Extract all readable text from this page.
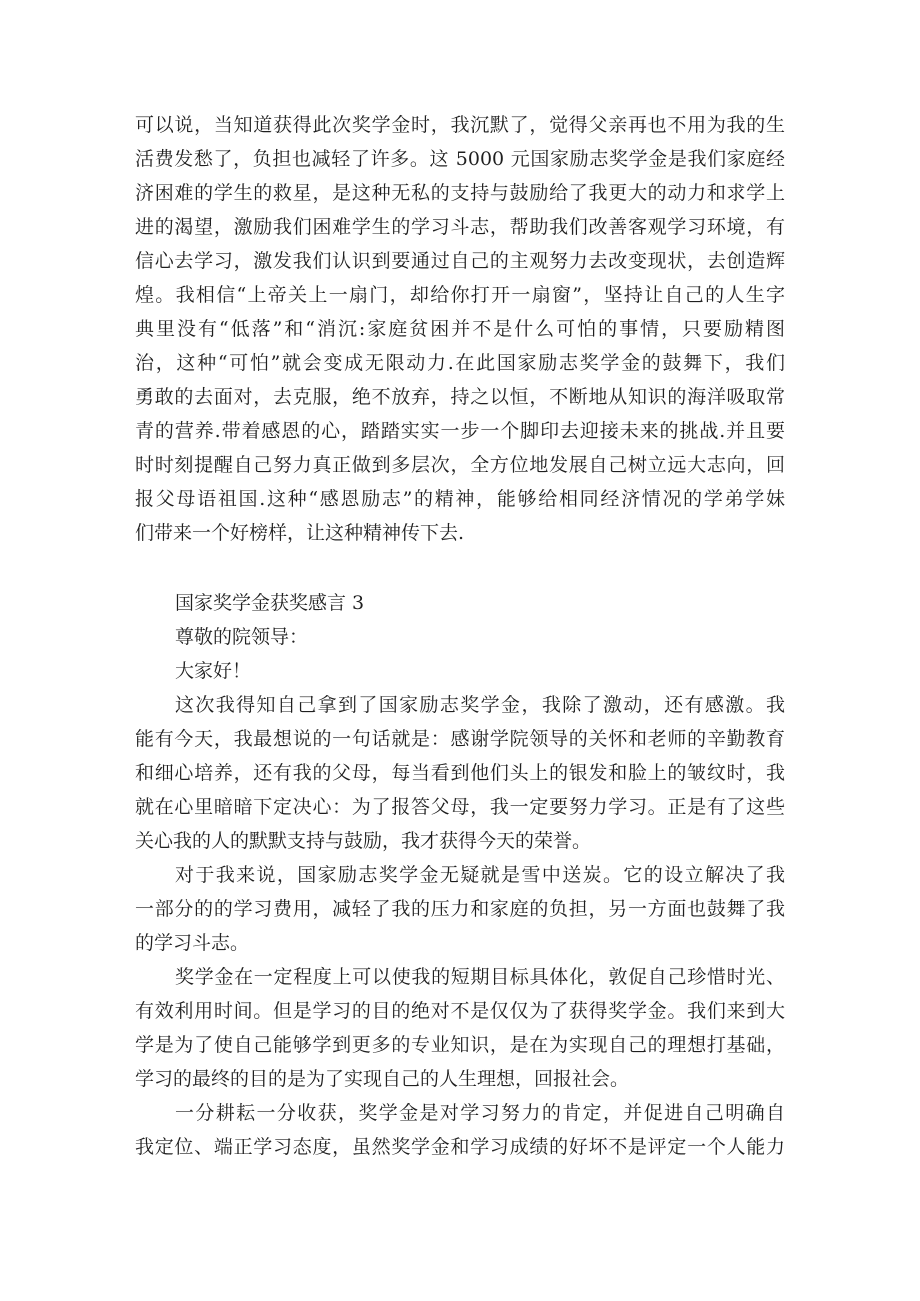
可以说，当知道获得此次奖学金时，我沉默了，觉得父亲再也不用为我的生

活费发愁了，负担也减轻了许多。这 5000 元国家励志奖学金是我们家庭经

济困难的学生的救星，是这种无私的支持与鼓励给了我更大的动力和求学上

进的渴望，激励我们困难学生的学习斗志，帮助我们改善客观学习环境，有

信心去学习，激发我们认识到要通过自己的主观努力去改变现状，去创造辉

煌。我相信“上帝关上一扇门，却给你打开一扇窗”，坚持让自己的人生字

典里没有“低落”和“消沉:家庭贫困并不是什么可怕的事情，只要励精图

治，这种“可怕”就会变成无限动力.在此国家励志奖学金的鼓舞下，我们

勇敢的去面对，去克服，绝不放弃，持之以恒，不断地从知识的海洋吸取常

青的营养.带着感恩的心，踏踏实实一步一个脚印去迎接未来的挑战.并且要

时时刻提醒自己努力真正做到多层次，全方位地发展自己树立远大志向，回

报父母语祖国.这种“感恩励志”的精神，能够给相同经济情况的学弟学妹

们带来一个好榜样，让这种精神传下去.

国家奖学金获奖感言 3

尊敬的院领导：

大家好！

这次我得知自己拿到了国家励志奖学金，我除了激动，还有感激。我

能有今天，我最想说的一句话就是：感谢学院领导的关怀和老师的辛勤教育

和细心培养，还有我的父母，每当看到他们头上的银发和脸上的皱纹时，我

就在心里暗暗下定决心：为了报答父母，我一定要努力学习。正是有了这些

关心我的人的默默支持与鼓励，我才获得今天的荣誉。

对于我来说，国家励志奖学金无疑就是雪中送炭。它的设立解决了我

一部分的的学习费用，减轻了我的压力和家庭的负担，另一方面也鼓舞了我

的学习斗志。

奖学金在一定程度上可以使我的短期目标具体化，敦促自己珍惜时光、

有效利用时间。但是学习的目的绝对不是仅仅为了获得奖学金。我们来到大

学是为了使自己能够学到更多的专业知识，是在为实现自己的理想打基础，

学习的最终的目的是为了实现自己的人生理想，回报社会。

一分耕耘一分收获，奖学金是对学习努力的肯定，并促进自己明确自

我定位、端正学习态度，虽然奖学金和学习成绩的好坏不是评定一个人能力
